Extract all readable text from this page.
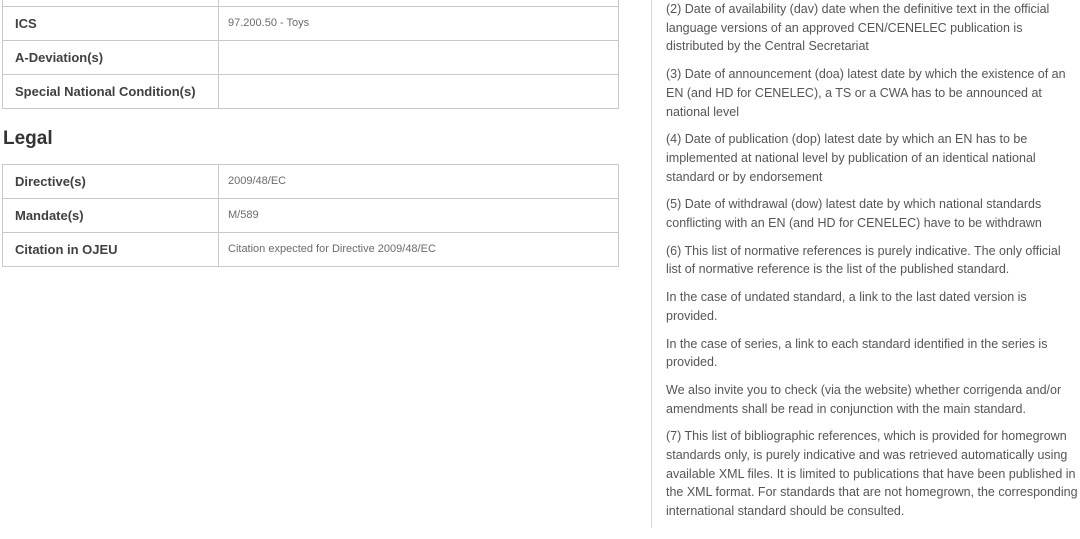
ICS	97.200.50 - Toys
A-Deviation(s)	
Special National Condition(s)	
Legal
Directive(s)	2009/48/EC
Mandate(s)	M/589
Citation in OJEU	Citation expected for Directive 2009/48/EC

(2) Date of availability (dav) date when the definitive text in the official language versions of an approved CEN/CENELEC publication is distributed by the Central Secretariat

(3) Date of announcement (doa) latest date by which the existence of an EN (and HD for CENELEC), a TS or a CWA has to be announced at national level

(4) Date of publication (dop) latest date by which an EN has to be implemented at national level by publication of an identical national standard or by endorsement

(5) Date of withdrawal (dow) latest date by which national standards conflicting with an EN (and HD for CENELEC) have to be withdrawn

(6) This list of normative references is purely indicative. The only official list of normative reference is the list of the published standard.

In the case of undated standard, a link to the last dated version is provided.

In the case of series, a link to each standard identified in the series is provided.

We also invite you to check (via the website) whether corrigenda and/or amendments shall be read in conjunction with the main standard.

(7) This list of bibliographic references, which is provided for homegrown standards only, is purely indicative and was retrieved automatically using available XML files. It is limited to publications that have been published in the XML format. For standards that are not homegrown, the corresponding international standard should be consulted.
